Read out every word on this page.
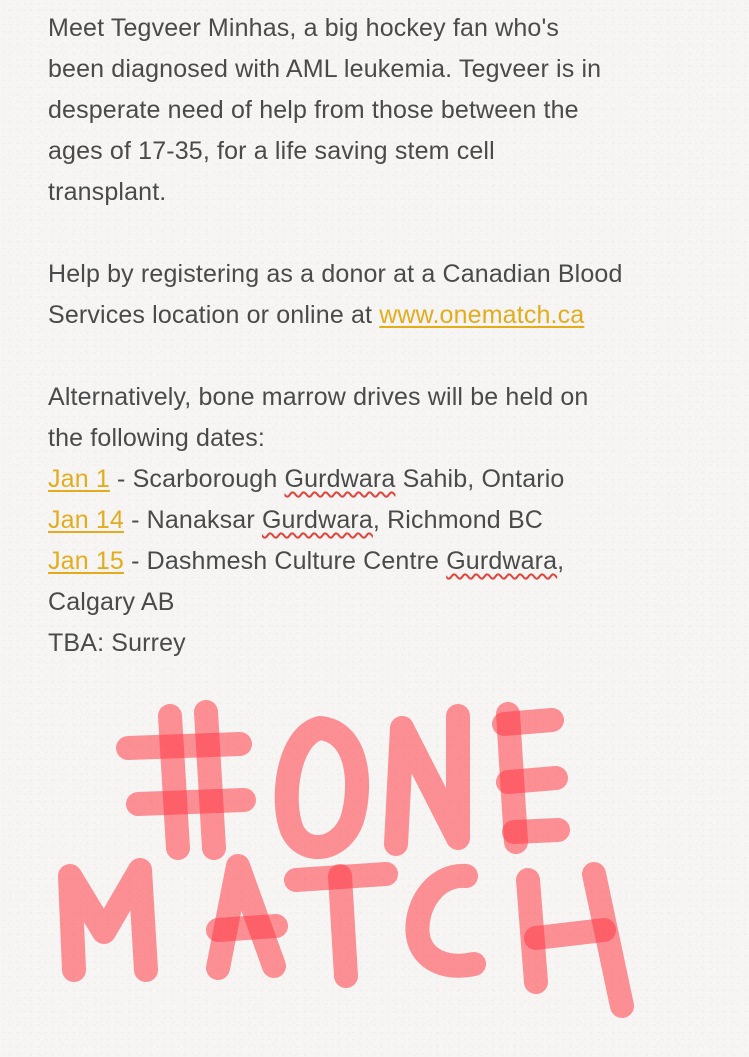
Meet Tegveer Minhas, a big hockey fan who's
been diagnosed with AML leukemia. Tegveer is in
desperate need of help from those between the
ages of 17-35, for a life saving stem cell
transplant.

Help by registering as a donor at a Canadian Blood
Services location or online at www.onematch.ca

Alternatively, bone marrow drives will be held on
the following dates:
Jan 1 - Scarborough Gurdwara Sahib, Ontario
Jan 14 - Nanaksar Gurdwara, Richmond BC
Jan 15 - Dashmesh Culture Centre Gurdwara,
Calgary AB
TBA: Surrey
